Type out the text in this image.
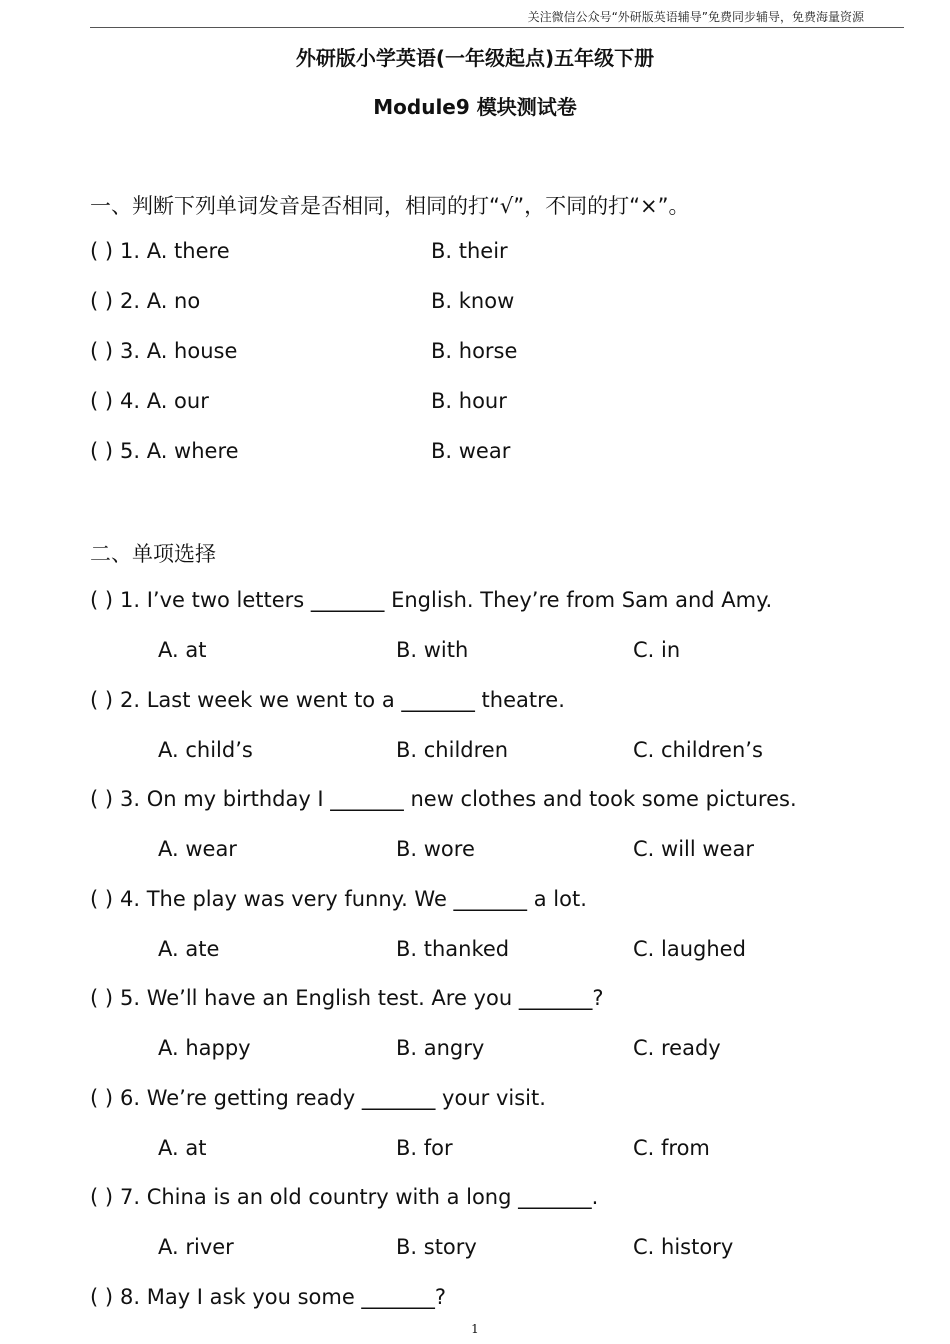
关注微信公众号“外研版英语辅导”免费同步辅导，免费海量资源
外研版小学英语(一年级起点)五年级下册
Module9 模块测试卷
一、判断下列单词发音是否相同，相同的打“√”，不同的打“×”。
( ) 1. A. there	B. their
( ) 2. A. no	B. know
( ) 3. A. house	B. horse
( ) 4. A. our	B. hour
( ) 5. A. where	B. wear
二、单项选择
( ) 1. I’ve two letters _______ English. They’re from Sam and Amy.
A. at	B. with	C. in
( ) 2. Last week we went to a _______ theatre.
A. child’s	B. children	C. children’s
( ) 3. On my birthday I _______ new clothes and took some pictures.
A. wear	B. wore	C. will wear
( ) 4. The play was very funny. We _______ a lot.
A. ate	B. thanked	C. laughed
( ) 5. We’ll have an English test. Are you _______?
A. happy	B. angry	C. ready
( ) 6. We’re getting ready _______ your visit.
A. at	B. for	C. from
( ) 7. China is an old country with a long _______.
A. river	B. story	C. history
( ) 8. May I ask you some _______?
1
